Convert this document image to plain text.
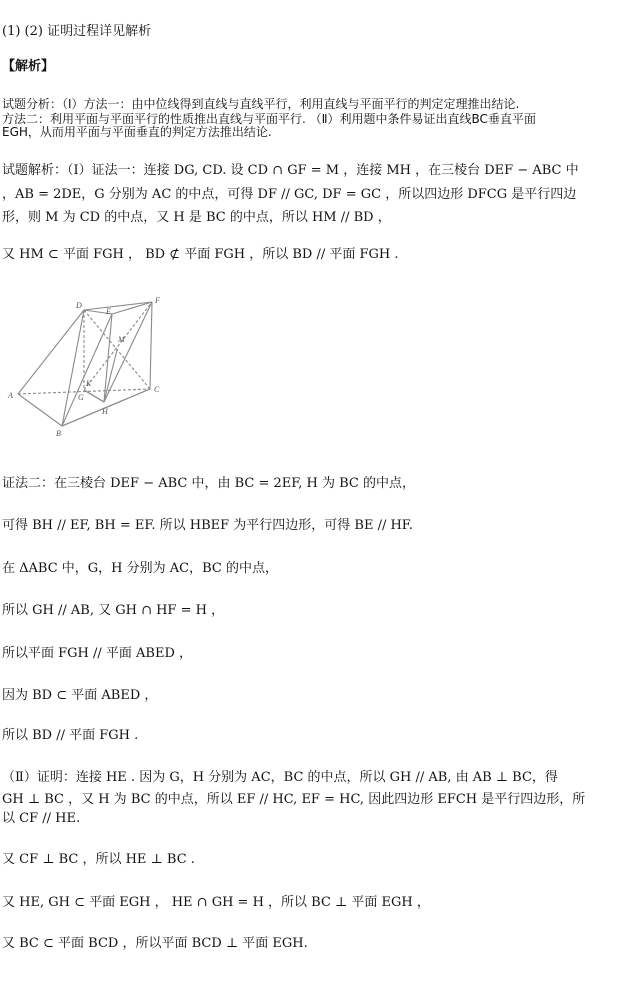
(1) (2) 证明过程详见解析
【解析】
试题分析：（Ⅰ）方法一：由中位线得到直线与直线平行，利用直线与平面平行的判定定理推出结论.
方法二：利用平面与平面平行的性质推出直线与平面平行. （Ⅱ）利用题中条件易证出直线BC垂直平面
EGH，从而用平面与平面垂直的判定方法推出结论.
试题解析：（Ⅰ）证法一：连接 DG, CD. 设 CD ∩ GF = M ，连接 MH ，在三棱台 DEF − ABC 中
，AB = 2DE，G 分别为 AC 的中点，可得 DF // GC, DF = GC ，所以四边形 DFCG 是平行四边
形，则 M 为 CD 的中点，又 H 是 BC 的中点，所以 HM // BD ，
又 HM ⊂ 平面 FGH ， BD ⊄ 平面 FGH ，所以 BD // 平面 FGH .
D
E
F
M
A	G
C
H
B
K
证法二：在三棱台 DEF − ABC 中，由 BC = 2EF, H 为 BC 的中点，
可得 BH // EF, BH = EF. 所以 HBEF 为平行四边形，可得 BE // HF.
在 ΔABC 中，G，H 分别为 AC，BC 的中点，
所以 GH // AB, 又 GH ∩ HF = H ，
所以平面 FGH // 平面 ABED ，
因为 BD ⊂ 平面 ABED ，
所以 BD // 平面 FGH .
（Ⅱ）证明：连接 HE . 因为 G，H 分别为 AC，BC 的中点，所以 GH // AB, 由 AB ⊥ BC，得
GH ⊥ BC ，又 H 为 BC 的中点，所以 EF // HC, EF = HC, 因此四边形 EFCH 是平行四边形，所
以 CF // HE.
又 CF ⊥ BC ，所以 HE ⊥ BC .
又 HE, GH ⊂ 平面 EGH ， HE ∩ GH = H ，所以 BC ⊥ 平面 EGH ，
又 BC ⊂ 平面 BCD ，所以平面 BCD ⊥ 平面 EGH.
